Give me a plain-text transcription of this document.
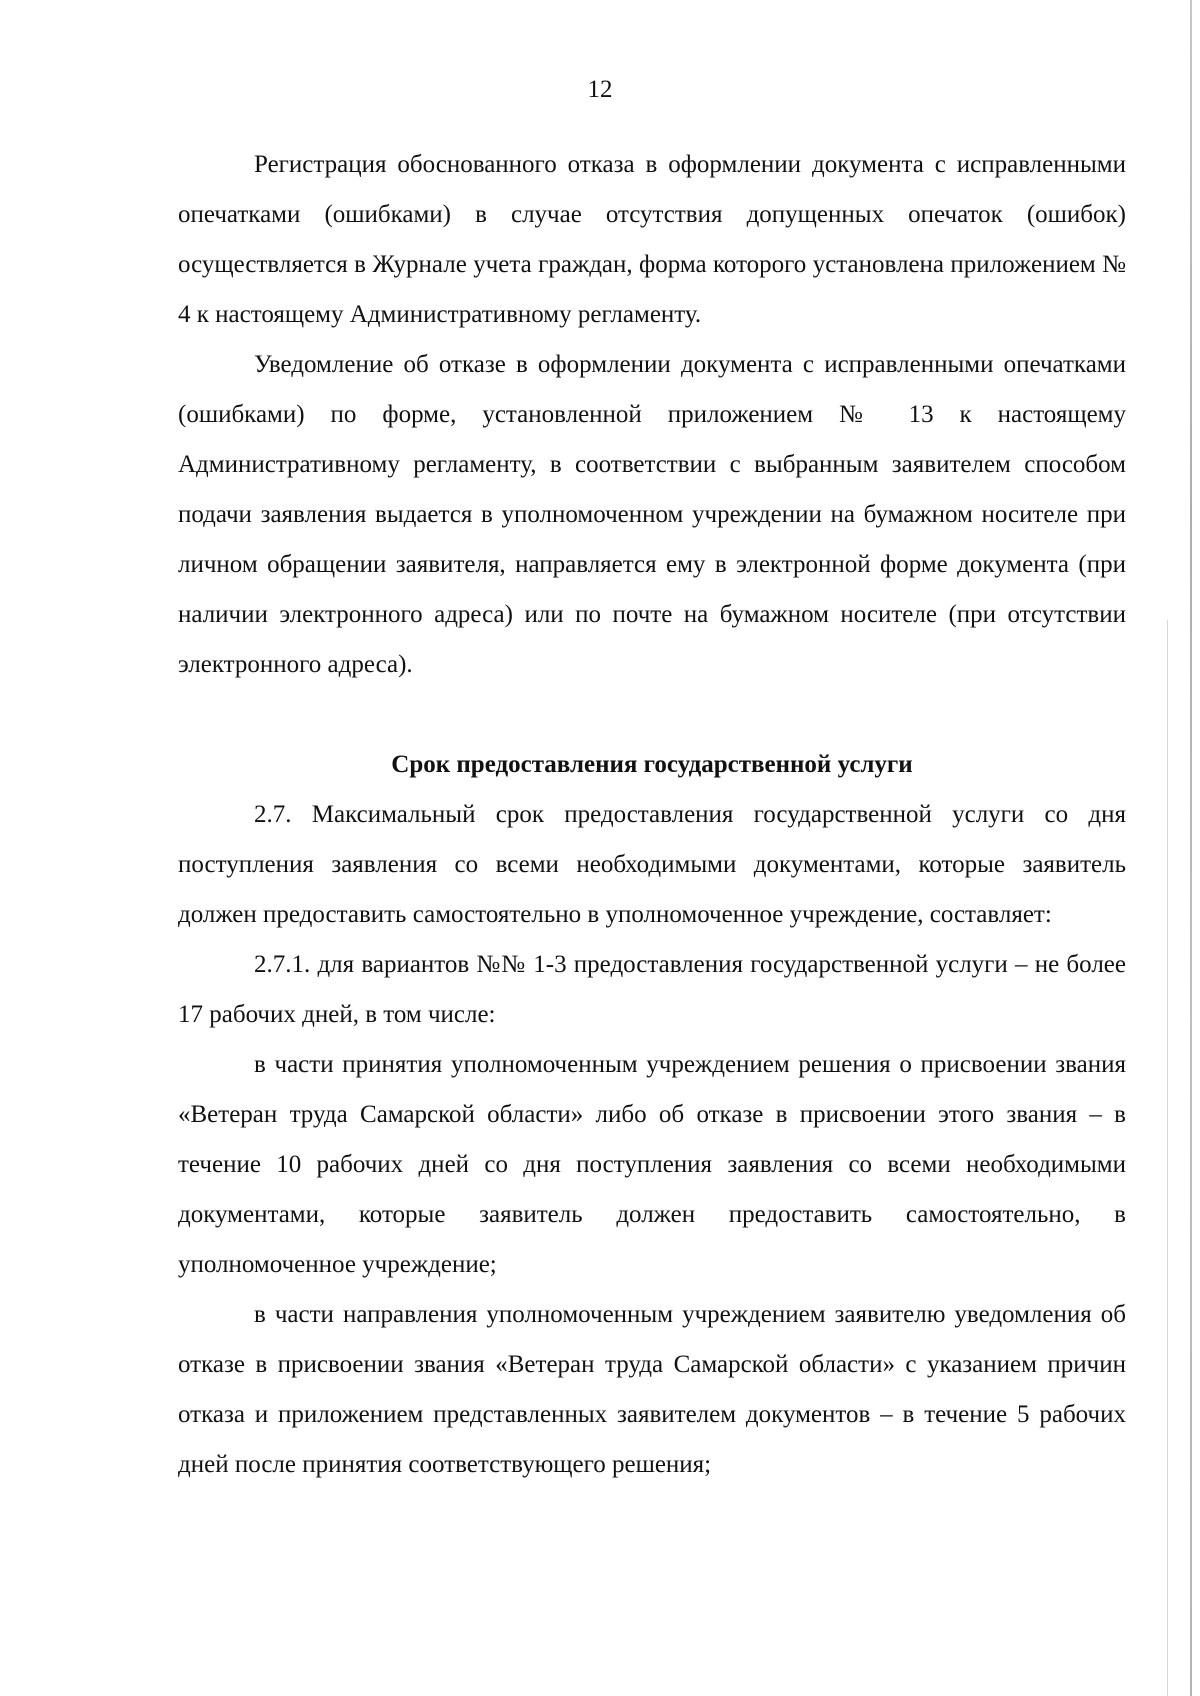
12

Регистрация обоснованного отказа в оформлении документа с исправленными опечатками (ошибками) в случае отсутствия допущенных опечаток (ошибок) осуществляется в Журнале учета граждан, форма которого установлена приложением № 4 к настоящему Административному регламенту.

Уведомление об отказе в оформлении документа с исправленными опечатками (ошибками) по форме, установленной приложением № 13 к настоящему Административному регламенту, в соответствии с выбранным заявителем способом подачи заявления выдается в уполномоченном учреждении на бумажном носителе при личном обращении заявителя, направляется ему в электронной форме документа (при наличии электронного адреса) или по почте на бумажном носителе (при отсутствии электронного адреса).

Срок предоставления государственной услуги

2.7. Максимальный срок предоставления государственной услуги со дня поступления заявления со всеми необходимыми документами, которые заявитель должен предоставить самостоятельно в уполномоченное учреждение, составляет:

2.7.1. для вариантов №№ 1-3 предоставления государственной услуги – не более 17 рабочих дней, в том числе:

в части принятия уполномоченным учреждением решения о присвоении звания «Ветеран труда Самарской области» либо об отказе в присвоении этого звания – в течение 10 рабочих дней со дня поступления заявления со всеми необходимыми документами, которые заявитель должен предоставить самостоятельно, в уполномоченное учреждение;

в части направления уполномоченным учреждением заявителю уведомления об отказе в присвоении звания «Ветеран труда Самарской области» с указанием причин отказа и приложением представленных заявителем документов – в течение 5 рабочих дней после принятия соответствующего решения;
